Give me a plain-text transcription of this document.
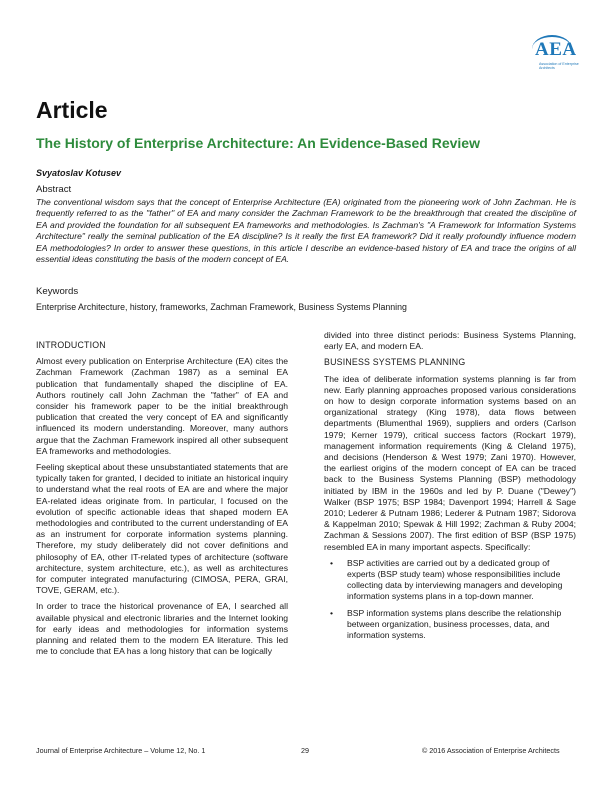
AEA
Association of Enterprise Architects
Article
The History of Enterprise Architecture: An Evidence-Based Review

Svyatoslav Kotusev

Abstract

The conventional wisdom says that the concept of Enterprise Architecture (EA) originated from the pioneering work of John Zachman. He is frequently referred to as the "father" of EA and many consider the Zachman Framework to be the breakthrough that created the discipline of EA and provided the foundation for all subsequent EA frameworks and methodologies. Is Zachman's "A Framework for Information Systems Architecture" really the seminal publication of the EA discipline? Is it really the first EA framework? Did it really profoundly influence modern EA methodologies? In order to answer these questions, in this article I describe an evidence-based history of EA and trace the origins of all essential ideas constituting the basis of the modern concept of EA.

Keywords

Enterprise Architecture, history, frameworks, Zachman Framework, Business Systems Planning

INTRODUCTION

Almost every publication on Enterprise Architecture (EA) cites the Zachman Framework (Zachman 1987) as a seminal EA publication that fundamentally shaped the discipline of EA. Authors routinely call John Zachman the "father" of EA and consider his framework paper to be the initial breakthrough publication that created the very concept of EA and significantly influenced its modern understanding. Moreover, many authors argue that the Zachman Framework inspired all other subsequent EA frameworks and methodologies.

Feeling skeptical about these unsubstantiated statements that are typically taken for granted, I decided to initiate an historical inquiry to understand what the real roots of EA are and where the major EA-related ideas originate from. In particular, I focused on the evolution of specific actionable ideas that shaped modern EA methodologies and contributed to the current understanding of EA as an instrument for corporate information systems planning. Therefore, my study deliberately did not cover definitions and philosophy of EA, other IT-related types of architecture (software architecture, system architecture, etc.), as well as architectures for computer integrated manufacturing (CIMOSA, PERA, GRAI, TOVE, GERAM, etc.).

In order to trace the historical provenance of EA, I searched all available physical and electronic libraries and the Internet looking for early ideas and methodologies for information systems planning and related them to the modern EA literature. This led me to conclude that EA has a long history that can be logically

divided into three distinct periods: Business Systems Planning, early EA, and modern EA.

BUSINESS SYSTEMS PLANNING

The idea of deliberate information systems planning is far from new. Early planning approaches proposed various considerations on how to design corporate information systems based on an organizational strategy (King 1978), data flows between departments (Blumenthal 1969), suppliers and orders (Carlson 1979; Kerner 1979), critical success factors (Rockart 1979), management information requirements (King & Cleland 1975), and decisions (Henderson & West 1979; Zani 1970). However, the earliest origins of the modern concept of EA can be traced back to the Business Systems Planning (BSP) methodology initiated by IBM in the 1960s and led by P. Duane ("Dewey") Walker (BSP 1975; BSP 1984; Davenport 1994; Harrell & Sage 2010; Lederer & Putnam 1986; Lederer & Putnam 1987; Sidorova & Kappelman 2010; Spewak & Hill 1992; Zachman & Ruby 2004; Zachman & Sessions 2007). The first edition of BSP (BSP 1975) resembled EA in many important aspects. Specifically:

• BSP activities are carried out by a dedicated group of experts (BSP study team) whose responsibilities include collecting data by interviewing managers and developing information systems plans in a top-down manner.
• BSP information systems plans describe the relationship between organization, business processes, data, and information systems.
Journal of Enterprise Architecture – Volume 12, No. 1	29	© 2016 Association of Enterprise Architects
